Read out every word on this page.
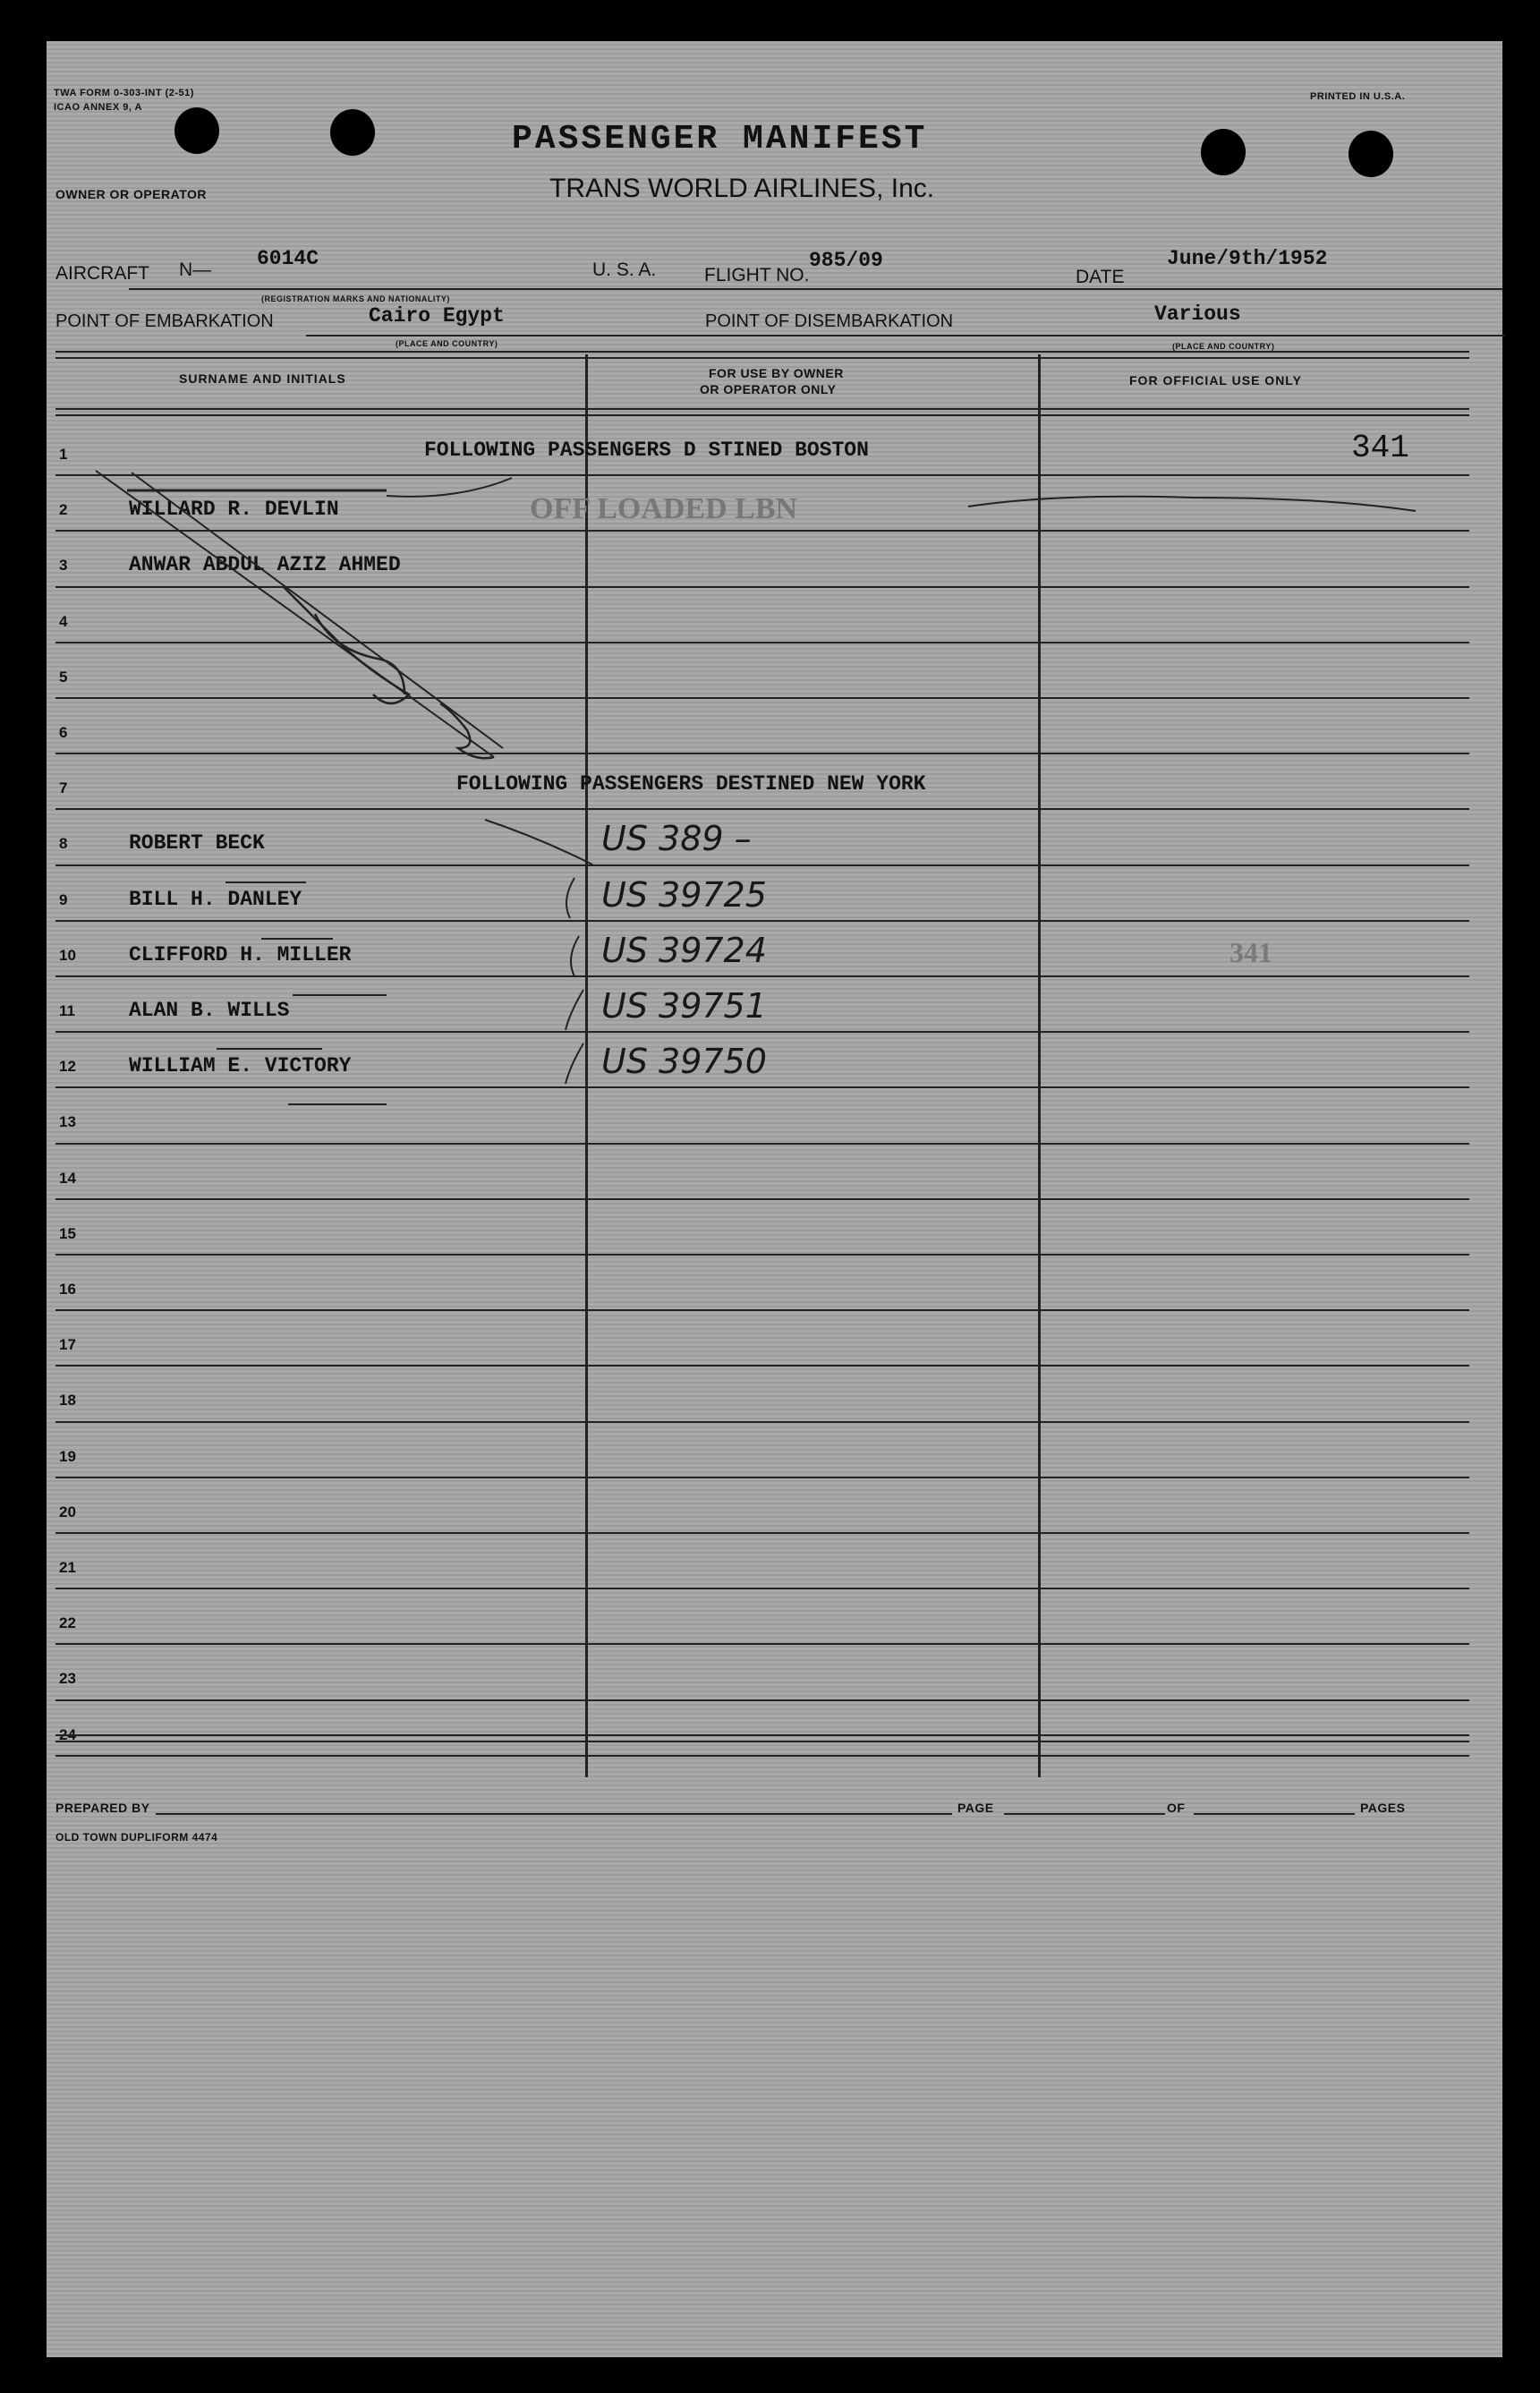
TWA FORM 0-303-INT (2-51)
ICAO ANNEX 9, A
PRINTED IN U.S.A.
PASSENGER MANIFEST
OWNER OR OPERATOR	TRANS WORLD AIRLINES, Inc.
AIRCRAFT N— 6014C
(REGISTRATION MARKS AND NATIONALITY)
U. S. A.	FLIGHT NO.
985/09
DATE
June/9th/1952
POINT OF EMBARKATION	Cairo Egypt
(PLACE AND COUNTRY)
POINT OF DISEMBARKATION	Various
(PLACE AND COUNTRY)
SURNAME AND INITIALS	FOR USE BY OWNER
OR OPERATOR ONLY
FOR OFFICIAL USE ONLY
1	FOLLOWING PASSENGERS D STINED BOSTON	341
2	WILLARD R. DEVLIN	OFF LOADED LBN
3	ANWAR ABDUL AZIZ AHMED
4
5
6
7	FOLLOWING PASSENGERS DESTINED NEW YORK
8	ROBERT BECK	US 389 –
9	BILL H. DANLEY	US 39725
10	CLIFFORD H. MILLER	US 39724	341
11	ALAN B. WILLS	US 39751
12	WILLIAM E. VICTORY	US 39750
13
14
15
16
17
18
19
20
21
22
23
24
PREPARED BY	PAGE	OF	PAGES
OLD TOWN DUPLIFORM 4474
